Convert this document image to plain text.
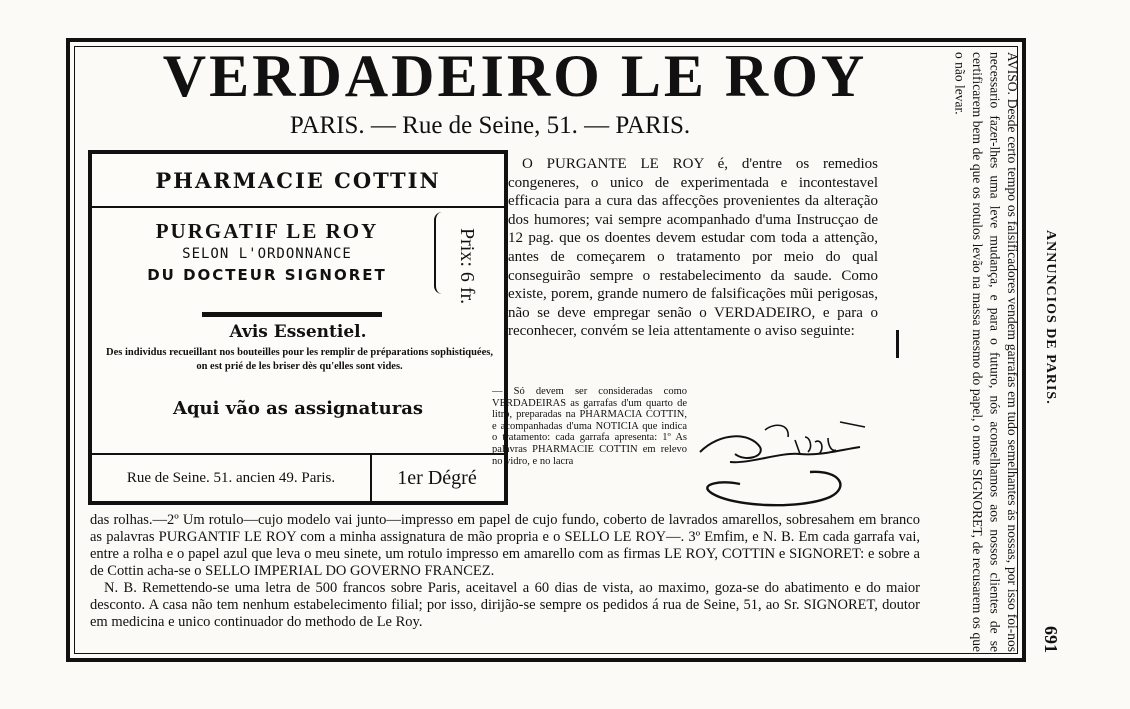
VERDADEIRO LE ROY
PARIS. — Rue de Seine, 51. — PARIS.
PHARMACIE COTTIN
PURGATIF LE ROY
SELON L'ORDONNANCE
DU DOCTEUR SIGNORET	Prix: 6 fr.
Avis Essentiel.
Des individus recueillant nos bouteilles pour les remplir de préparations sophistiquées, on est prié de les briser dès qu'elles sont vides.
Aqui vão as assignaturas
Rue de Seine. 51. ancien 49. Paris.	1er Dégré
O PURGANTE LE ROY é, d'entre os remedios congeneres, o unico de experimentada e incontestavel efficacia para a cura das affecções provenientes da alteração dos humores; vai sempre acompanhado d'uma Instrucçao de 12 pag. que os doentes devem estudar com toda a attenção, antes de começarem o tratamento por meio do qual conseguirão sempre o restabelecimento da saude. Como existe, porem, grande numero de falsificações mũi perigosas, não se deve empregar senão o VERDADEIRO, e para o reconhecer, convém se leia attentamente o aviso seguinte:
— Só devem ser consideradas como VERDADEIRAS as garrafas d'um quarto de litro, preparadas na PHARMACIA COTTIN, e acompanhadas d'uma NOTICIA que indica o tratamento: cada garrafa apresenta: 1º As palavras PHARMACIE COTTIN em relevo no vidro, e no lacra
das rolhas.—2º Um rotulo—cujo modelo vai junto—impresso em papel de cujo fundo, coberto de lavrados amarellos, sobresahem em branco as palavras PURGANTIF LE ROY com a minha assignatura de mão propria e o SELLO LE ROY—. 3º Emfim, e N. B. Em cada garrafa vai, entre a rolha e o papel azul que leva o meu sinete, um rotulo impresso em amarello com as firmas LE ROY, COTTIN e SIGNORET: e sobre a de Cottin acha-se o SELLO IMPERIAL DO GOVERNO FRANCEZ.
N. B. Remettendo-se uma letra de 500 francos sobre Paris, aceitavel a 60 dias de vista, ao maximo, goza-se do abatimento e do maior desconto. A casa não tem nenhum estabelecimento filial; por isso, dirijão-se sempre os pedidos á rua de Seine, 51, ao Sr. SIGNORET, doutor em medicina e unico continuador do methodo de Le Roy.	AVISO. Desde certo tempo os falsificadores vendem garrafas em tudo semelhantes ás nossas, por isso foi-nos necessario fazer-lhes uma leve mudança, e para o futuro, nós aconselhamos aos nossos clientes de se certificarem bem de que os rotulos levão na massa mesmo do papel, o nome SIGNORET, de recusarem os que o não levar.
ANNUNCIOS DE PARIS.
691
